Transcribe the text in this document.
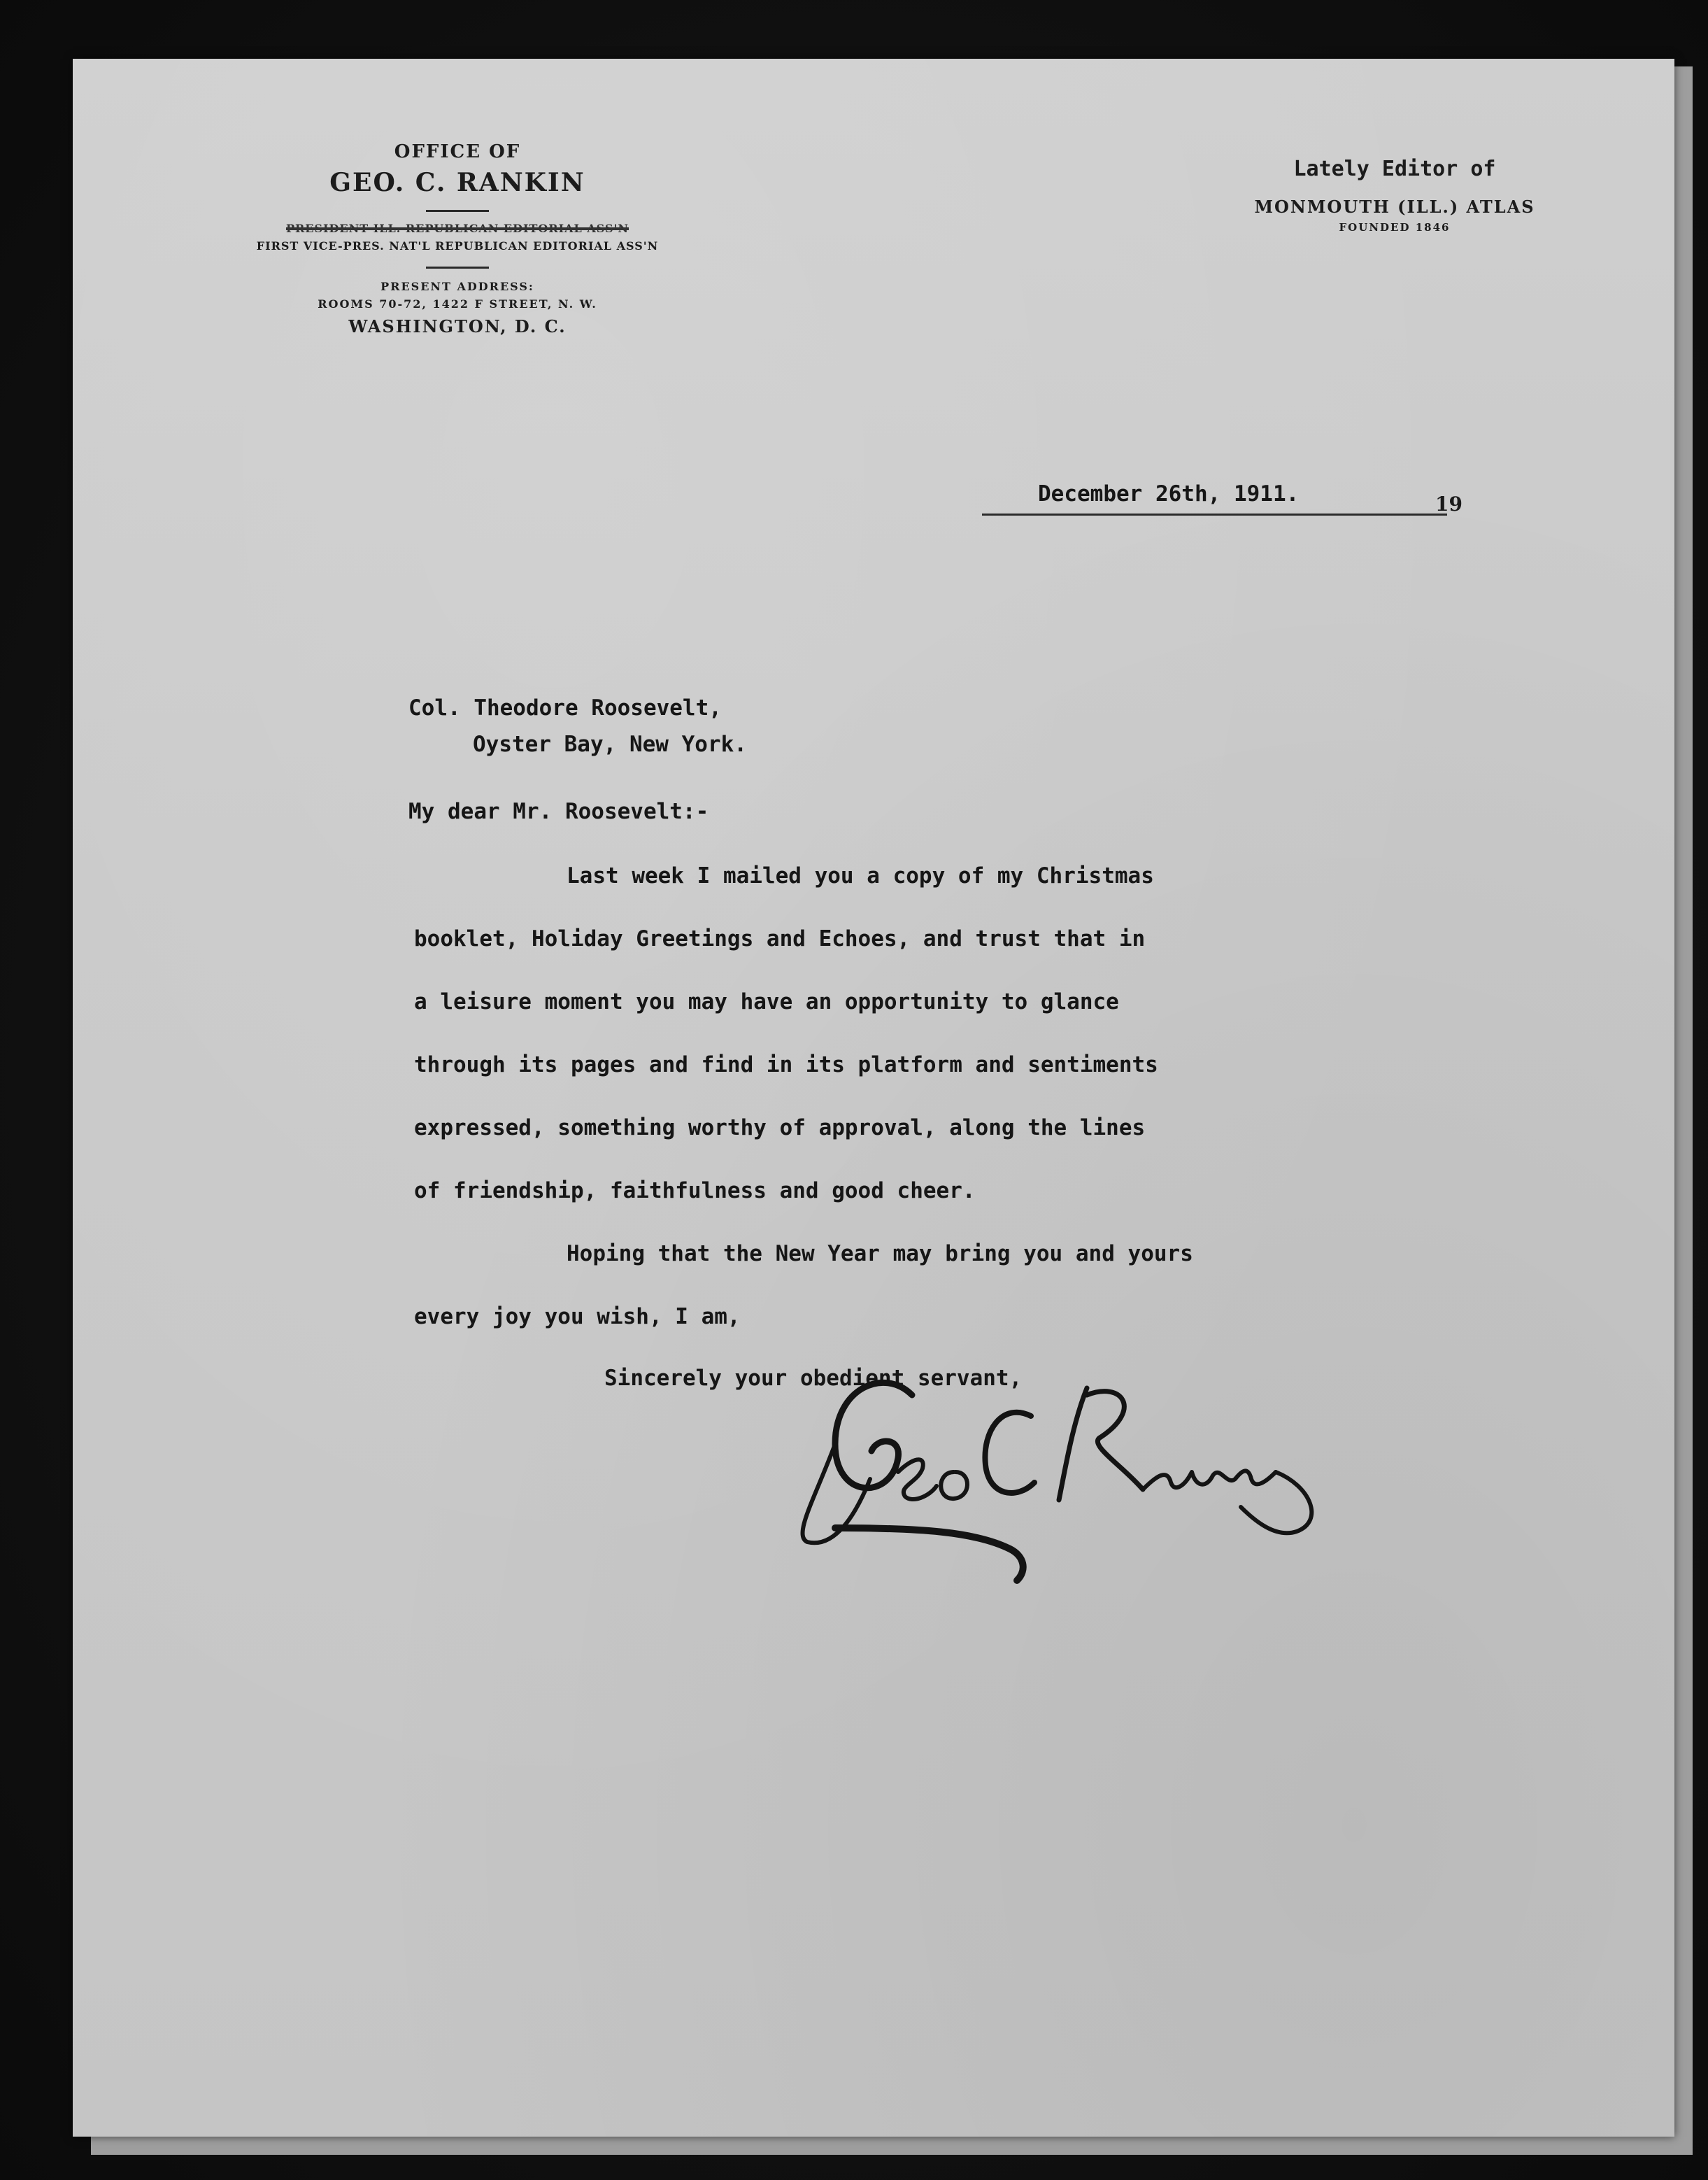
OFFICE OF
GEO. C. RANKIN
PRESIDENT ILL. REPUBLICAN EDITORIAL ASS'N
FIRST VICE-PRES. NAT'L REPUBLICAN EDITORIAL ASS'N
PRESENT ADDRESS:
ROOMS 70-72, 1422 F STREET, N. W.
WASHINGTON, D. C.
Lately Editor of
MONMOUTH (ILL.) ATLAS
FOUNDED 1846
December 26th, 1911.	19
Col. Theodore Roosevelt,
Oyster Bay, New York.
My dear Mr. Roosevelt:-
Last week I mailed you a copy of my Christmas
booklet, Holiday Greetings and Echoes, and trust that in
a leisure moment you may have an opportunity to glance
through its pages and find in its platform and sentiments
expressed, something worthy of approval, along the lines
of friendship, faithfulness and good cheer.
Hoping that the New Year may bring you and yours
every joy you wish, I am,
Sincerely your obedient servant,
